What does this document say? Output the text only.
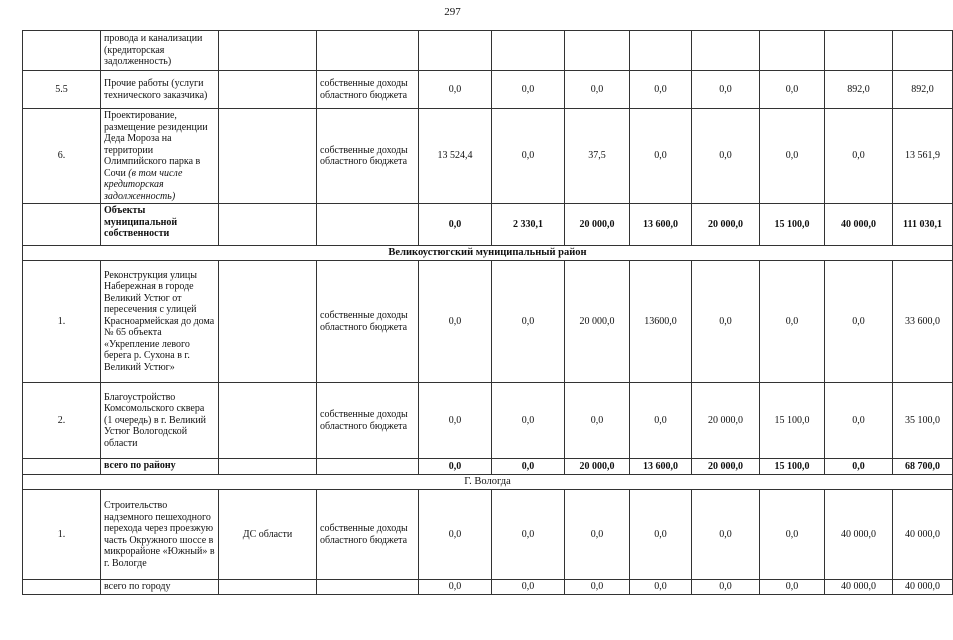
297
	провода и канализации (кредиторская задолженность)										
5.5	Прочие работы (услуги технического заказчика)		собственные доходы областного бюджета	0,0	0,0	0,0	0,0	0,0	0,0	892,0	892,0
6.	Проектирование, размещение резиденции Деда Мороза на территории Олимпийского парка в Сочи (в том числе кредиторская задолженность)		собственные доходы областного бюджета	13 524,4	0,0	37,5	0,0	0,0	0,0	0,0	13 561,9
	Объекты муниципальной собственности			0,0	2 330,1	20 000,0	13 600,0	20 000,0	15 100,0	40 000,0	111 030,1
Великоустюгский муниципальный район											
1.	Реконструкция улицы Набережная в городе Великий Устюг от пересечения с улицей Красноармейская до дома № 65 объекта «Укрепление левого берега р. Сухона в г. Великий Устюг»		собственные доходы областного бюджета	0,0	0,0	20 000,0	13600,0	0,0	0,0	0,0	33 600,0
2.	Благоустройство Комсомольского сквера (1 очередь) в г. Великий Устюг Вологодской области		собственные доходы областного бюджета	0,0	0,0	0,0	0,0	20 000,0	15 100,0	0,0	35 100,0
	всего по району			0,0	0,0	20 000,0	13 600,0	20 000,0	15 100,0	0,0	68 700,0
Г. Вологда											
1.	Строительство надземного пешеходного перехода через проезжую часть Окружного шоссе в микрорайоне «Южный» в г. Вологде	ДС области	собственные доходы областного бюджета	0,0	0,0	0,0	0,0	0,0	0,0	40 000,0	40 000,0
	всего по городу			0,0	0,0	0,0	0,0	0,0	0,0	40 000,0	40 000,0
